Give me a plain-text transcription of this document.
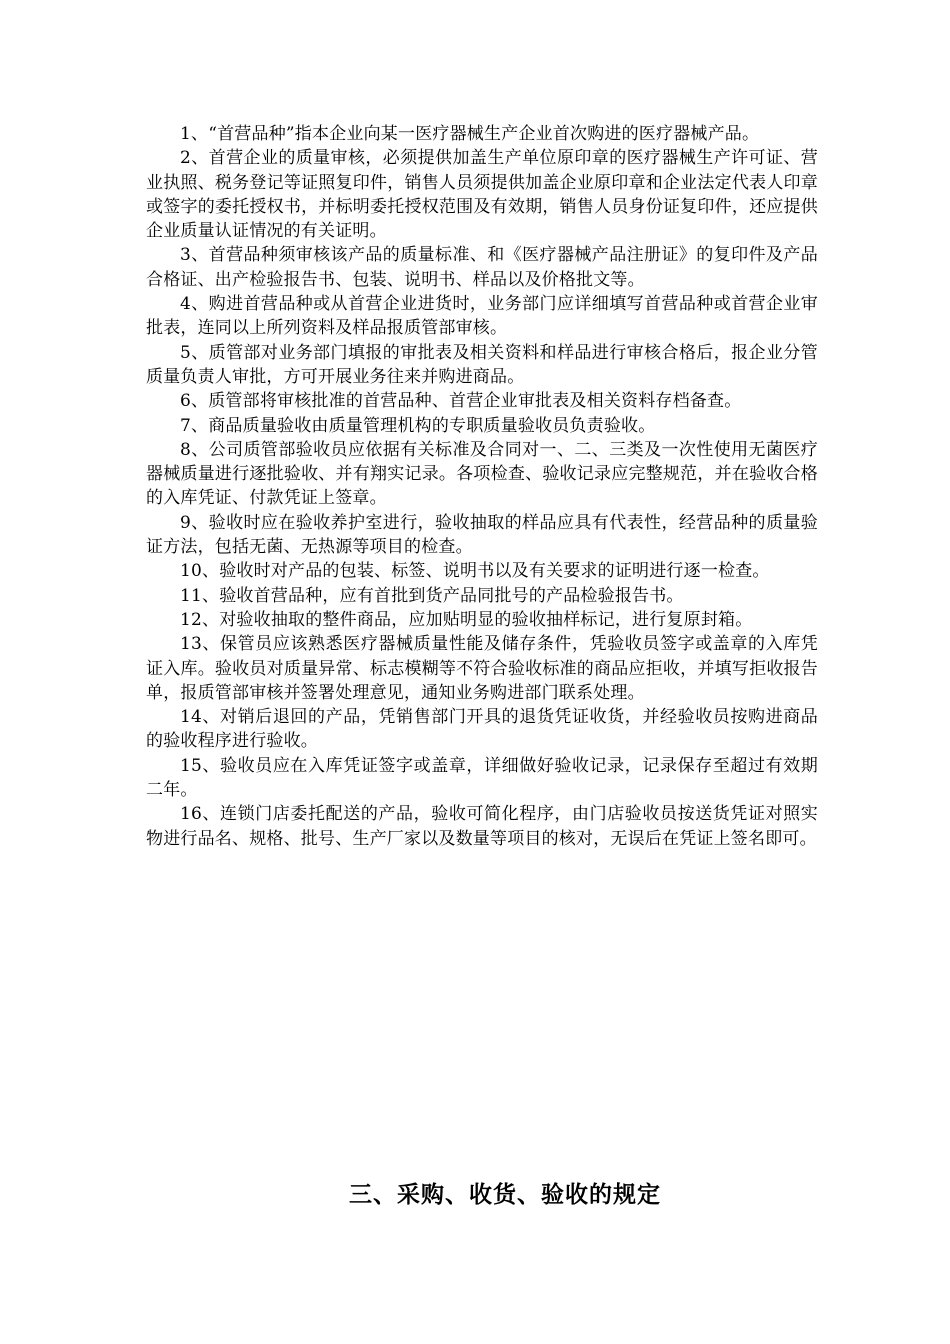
1、“首营品种”指本企业向某一医疗器械生产企业首次购进的医疗器械产品。

2、首营企业的质量审核，必须提供加盖生产单位原印章的医疗器械生产许可证、营业执照、税务登记等证照复印件，销售人员须提供加盖企业原印章和企业法定代表人印章或签字的委托授权书，并标明委托授权范围及有效期，销售人员身份证复印件，还应提供企业质量认证情况的有关证明。

3、首营品种须审核该产品的质量标准、和《医疗器械产品注册证》的复印件及产品合格证、出产检验报告书、包装、说明书、样品以及价格批文等。

4、购进首营品种或从首营企业进货时，业务部门应详细填写首营品种或首营企业审批表，连同以上所列资料及样品报质管部审核。

5、质管部对业务部门填报的审批表及相关资料和样品进行审核合格后，报企业分管质量负责人审批，方可开展业务往来并购进商品。

6、质管部将审核批准的首营品种、首营企业审批表及相关资料存档备查。

7、商品质量验收由质量管理机构的专职质量验收员负责验收。

8、公司质管部验收员应依据有关标准及合同对一、二、三类及一次性使用无菌医疗器械质量进行逐批验收、并有翔实记录。各项检查、验收记录应完整规范，并在验收合格的入库凭证、付款凭证上签章。

9、验收时应在验收养护室进行，验收抽取的样品应具有代表性，经营品种的质量验证方法，包括无菌、无热源等项目的检查。

10、验收时对产品的包装、标签、说明书以及有关要求的证明进行逐一检查。

11、验收首营品种，应有首批到货产品同批号的产品检验报告书。

12、对验收抽取的整件商品，应加贴明显的验收抽样标记，进行复原封箱。

13、保管员应该熟悉医疗器械质量性能及储存条件，凭验收员签字或盖章的入库凭证入库。验收员对质量异常、标志模糊等不符合验收标准的商品应拒收，并填写拒收报告单，报质管部审核并签署处理意见，通知业务购进部门联系处理。

14、对销后退回的产品，凭销售部门开具的退货凭证收货，并经验收员按购进商品的验收程序进行验收。

15、验收员应在入库凭证签字或盖章，详细做好验收记录，记录保存至超过有效期二年。

16、连锁门店委托配送的产品，验收可简化程序，由门店验收员按送货凭证对照实物进行品名、规格、批号、生产厂家以及数量等项目的核对，无误后在凭证上签名即可。

三、采购、收货、验收的规定
